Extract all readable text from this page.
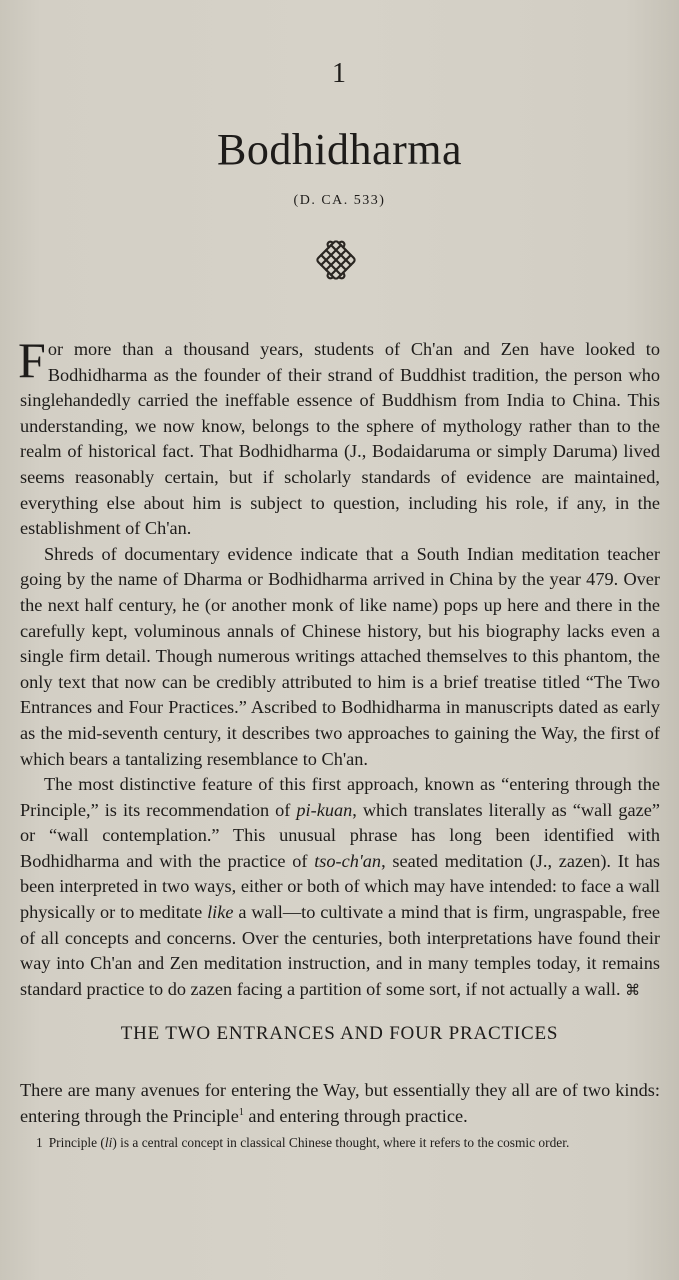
1
Bodhidharma
(D. CA. 533)

For more than a thousand years, students of Ch'an and Zen have looked to Bodhidharma as the founder of their strand of Buddhist tradition, the person who singlehandedly carried the ineffable essence of Buddhism from India to China. This understanding, we now know, belongs to the sphere of mythology rather than to the realm of historical fact. That Bodhidharma (J., Bodaidaruma or simply Daruma) lived seems reasonably certain, but if scholarly standards of evidence are maintained, everything else about him is subject to question, including his role, if any, in the establishment of Ch'an.

Shreds of documentary evidence indicate that a South Indian meditation teacher going by the name of Dharma or Bodhidharma arrived in China by the year 479. Over the next half century, he (or another monk of like name) pops up here and there in the carefully kept, voluminous annals of Chinese history, but his biography lacks even a single firm detail. Though numerous writings attached themselves to this phantom, the only text that now can be credibly attributed to him is a brief treatise titled “The Two Entrances and Four Practices.” Ascribed to Bodhidharma in manuscripts dated as early as the mid-seventh century, it describes two approaches to gaining the Way, the first of which bears a tantalizing resemblance to Ch'an.

The most distinctive feature of this first approach, known as “entering through the Principle,” is its recommendation of pi-kuan, which translates literally as “wall gaze” or “wall contemplation.” This unusual phrase has long been identified with Bodhidharma and with the practice of tso-ch'an, seated meditation (J., zazen). It has been interpreted in two ways, either or both of which may have intended: to face a wall physically or to meditate like a wall—to cultivate a mind that is firm, ungraspable, free of all concepts and concerns. Over the centuries, both interpretations have found their way into Ch'an and Zen meditation instruction, and in many temples today, it remains standard practice to do zazen facing a partition of some sort, if not actually a wall. ⌘

THE TWO ENTRANCES AND FOUR PRACTICES

There are many avenues for entering the Way, but essentially they all are of two kinds: entering through the Principle$^1$ and entering through practice.

1 Principle (li) is a central concept in classical Chinese thought, where it refers to the cosmic order.
